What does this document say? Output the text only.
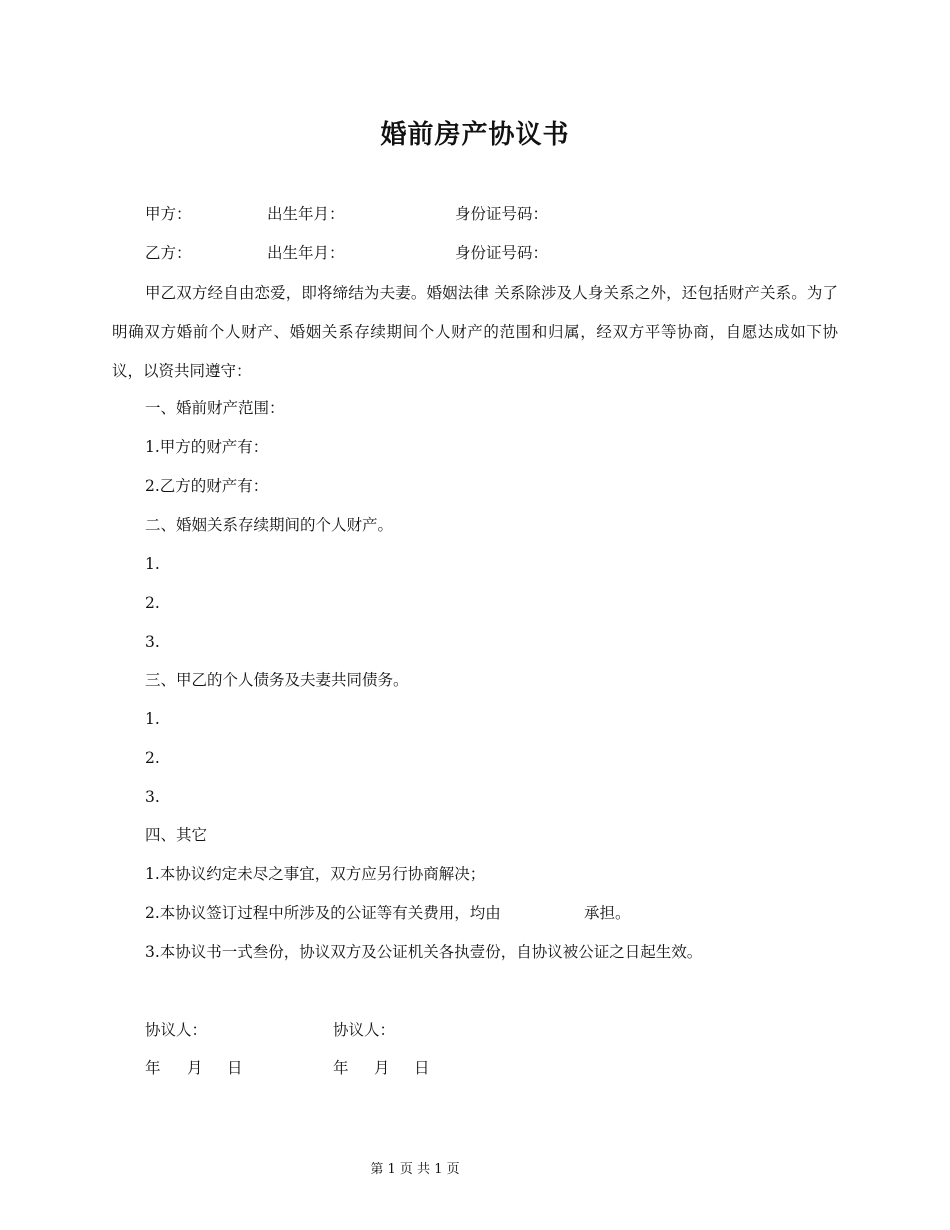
婚前房产协议书
甲方：	出生年月：	身份证号码：
乙方：	出生年月：	身份证号码：
甲乙双方经自由恋爱，即将缔结为夫妻。婚姻法律 关系除涉及人身关系之外，还包括财产关系。为了明确双方婚前个人财产、婚姻关系存续期间个人财产的范围和归属，经双方平等协商，自愿达成如下协议，以资共同遵守：
一、婚前财产范围：
1.甲方的财产有：
2.乙方的财产有：
二、婚姻关系存续期间的个人财产。
1.
2.
3.
三、甲乙的个人债务及夫妻共同债务。
1.
2.
3.
四、其它
1.本协议约定未尽之事宜，双方应另行协商解决；
2.本协议签订过程中所涉及的公证等有关费用，均由	承担。
3.本协议书一式叁份，协议双方及公证机关各执壹份，自协议被公证之日起生效。
协议人：	协议人：
年 月 日	年 月 日
第 1 页 共 1 页
